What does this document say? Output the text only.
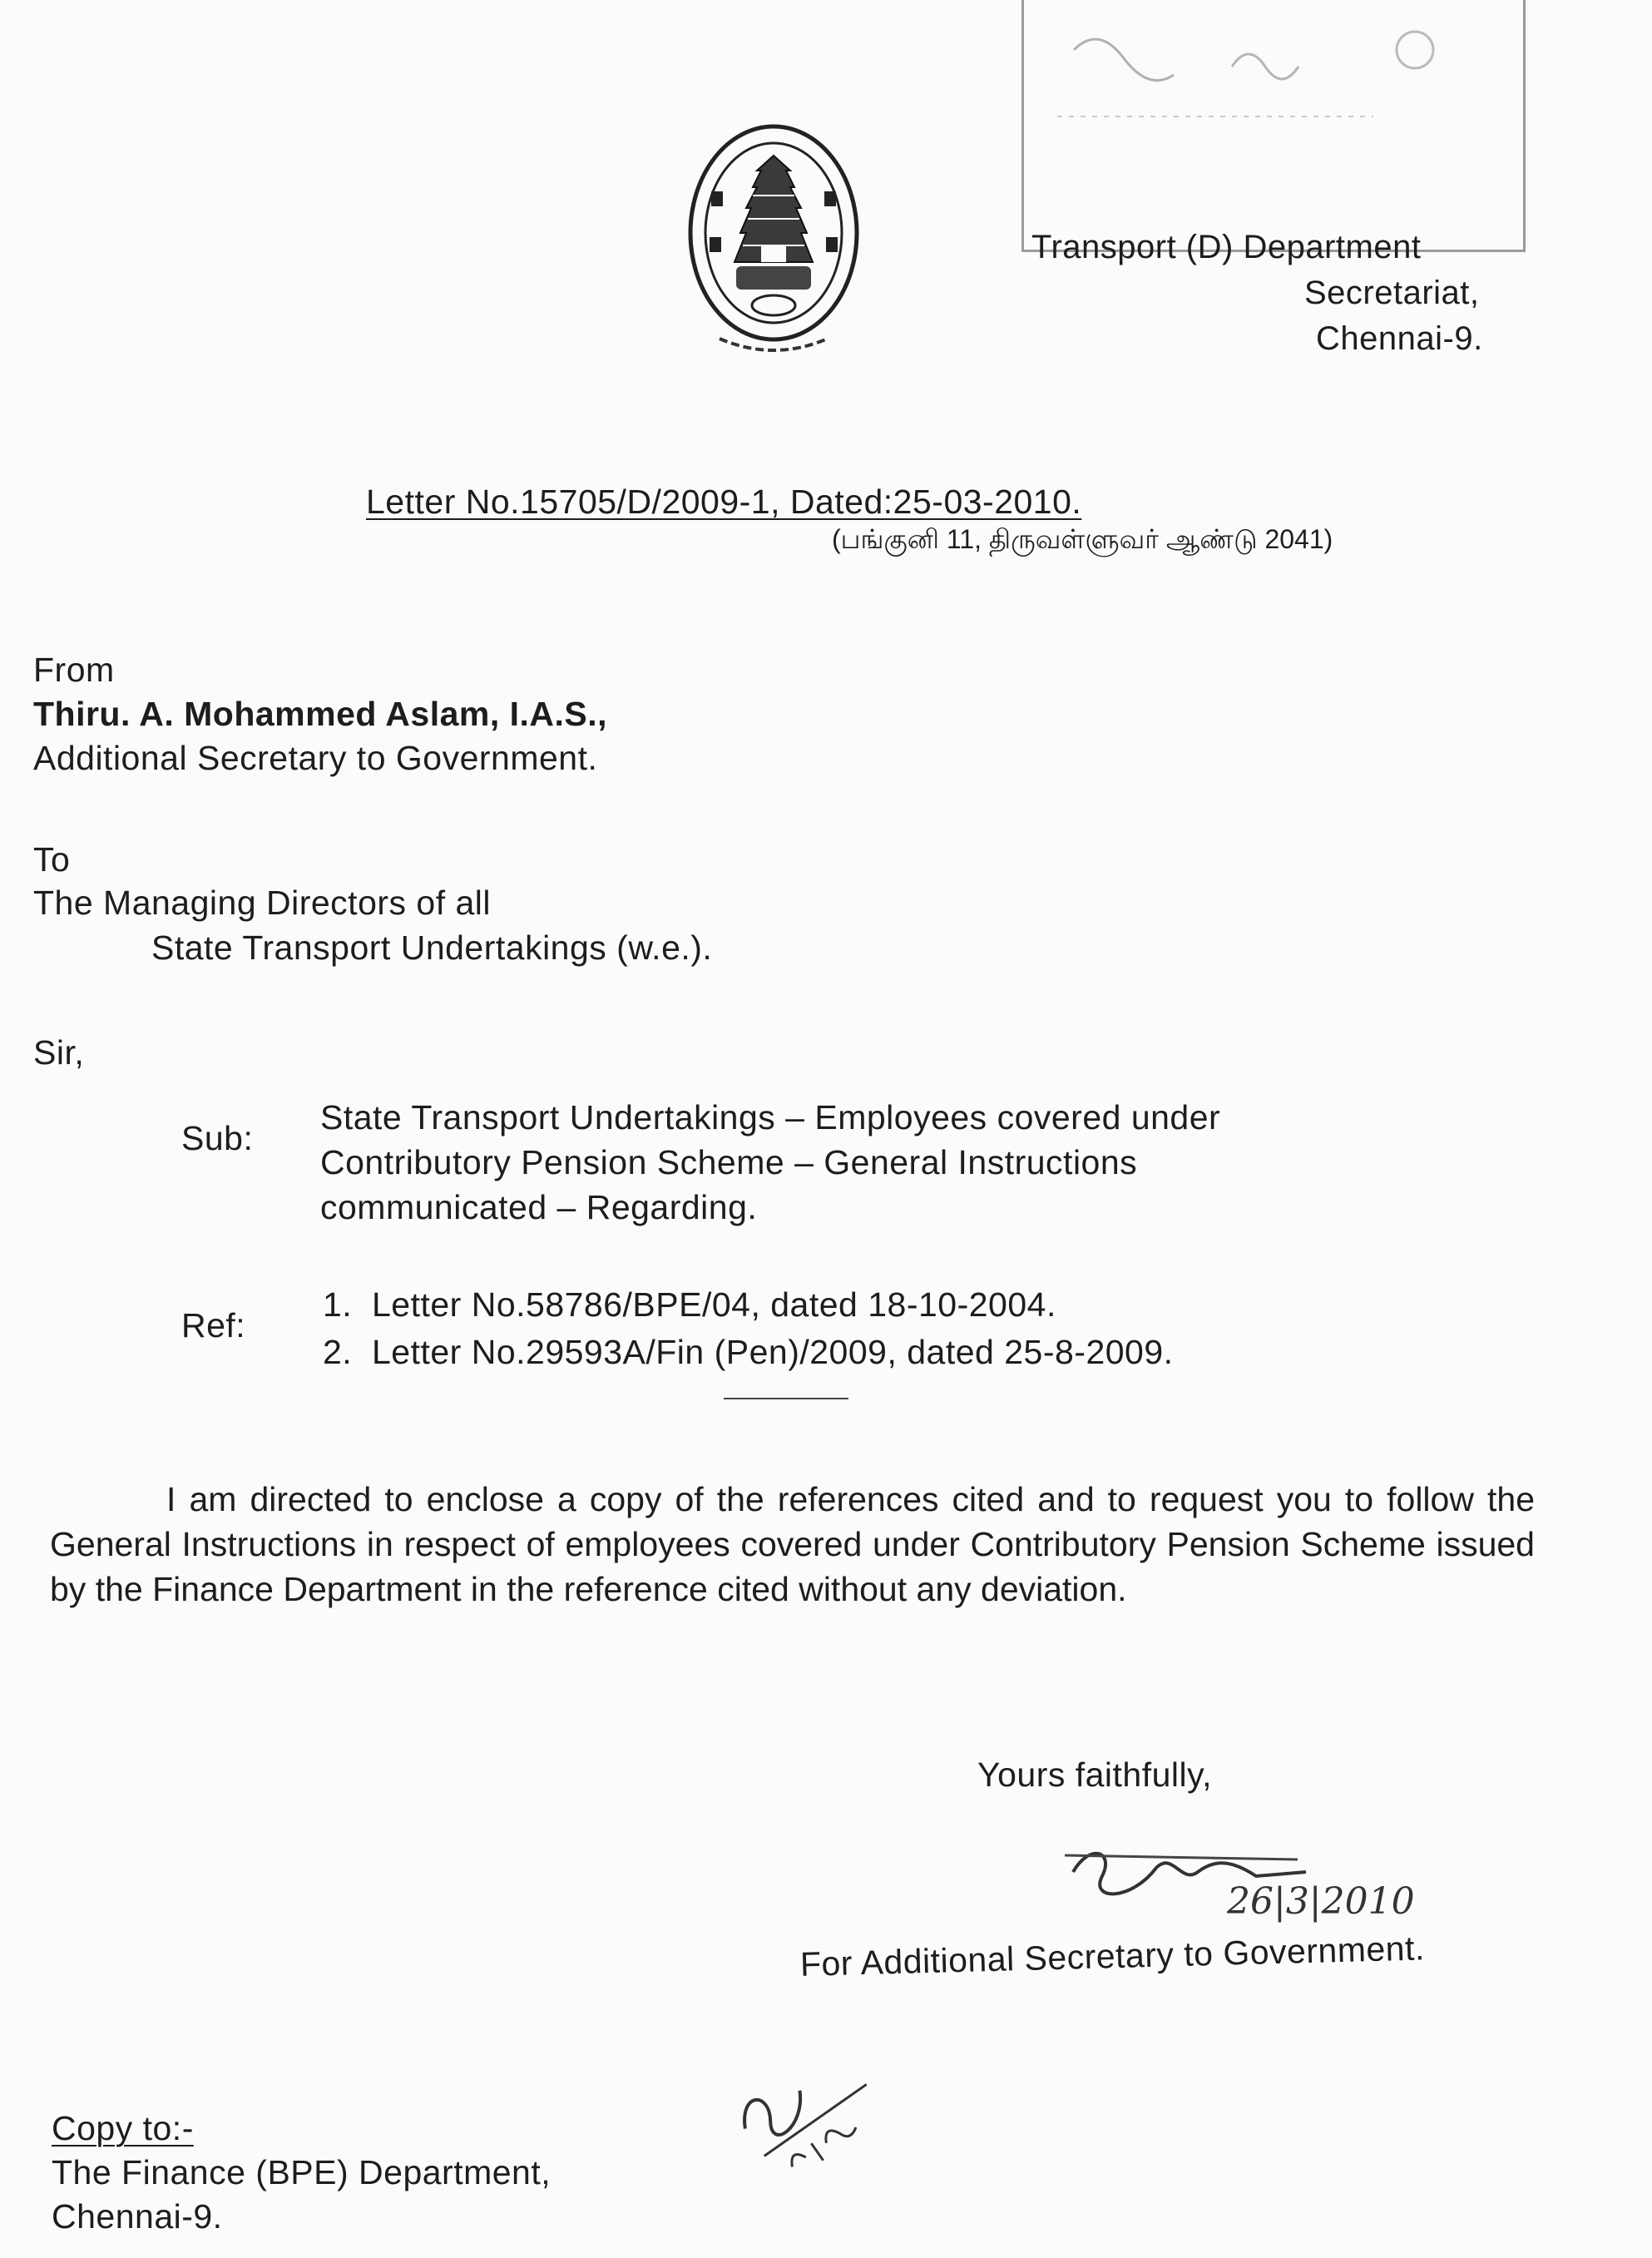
Transport (D) Department
Secretariat,
Chennai-9.
Letter No.15705/D/2009-1, Dated:25-03-2010.
(பங்குனி 11, திருவள்ளுவர் ஆண்டு 2041)
From
Thiru. A. Mohammed Aslam, I.A.S.,
Additional Secretary to Government.
To
The Managing Directors of all
State Transport Undertakings (w.e.).
Sir,
Sub:
State Transport Undertakings – Employees covered under
Contributory Pension Scheme – General Instructions
communicated – Regarding.
Ref:
1.  Letter No.58786/BPE/04, dated 18-10-2004.
2.  Letter No.29593A/Fin (Pen)/2009, dated 25-8-2009.
I am directed to enclose a copy of the references cited and to request you to follow the General Instructions in respect of employees covered under Contributory Pension Scheme issued by the Finance Department in the reference cited without any deviation.
Yours faithfully,
26|3|2010
For Additional Secretary to Government.
Copy to:-
The Finance (BPE) Department,
Chennai-9.
